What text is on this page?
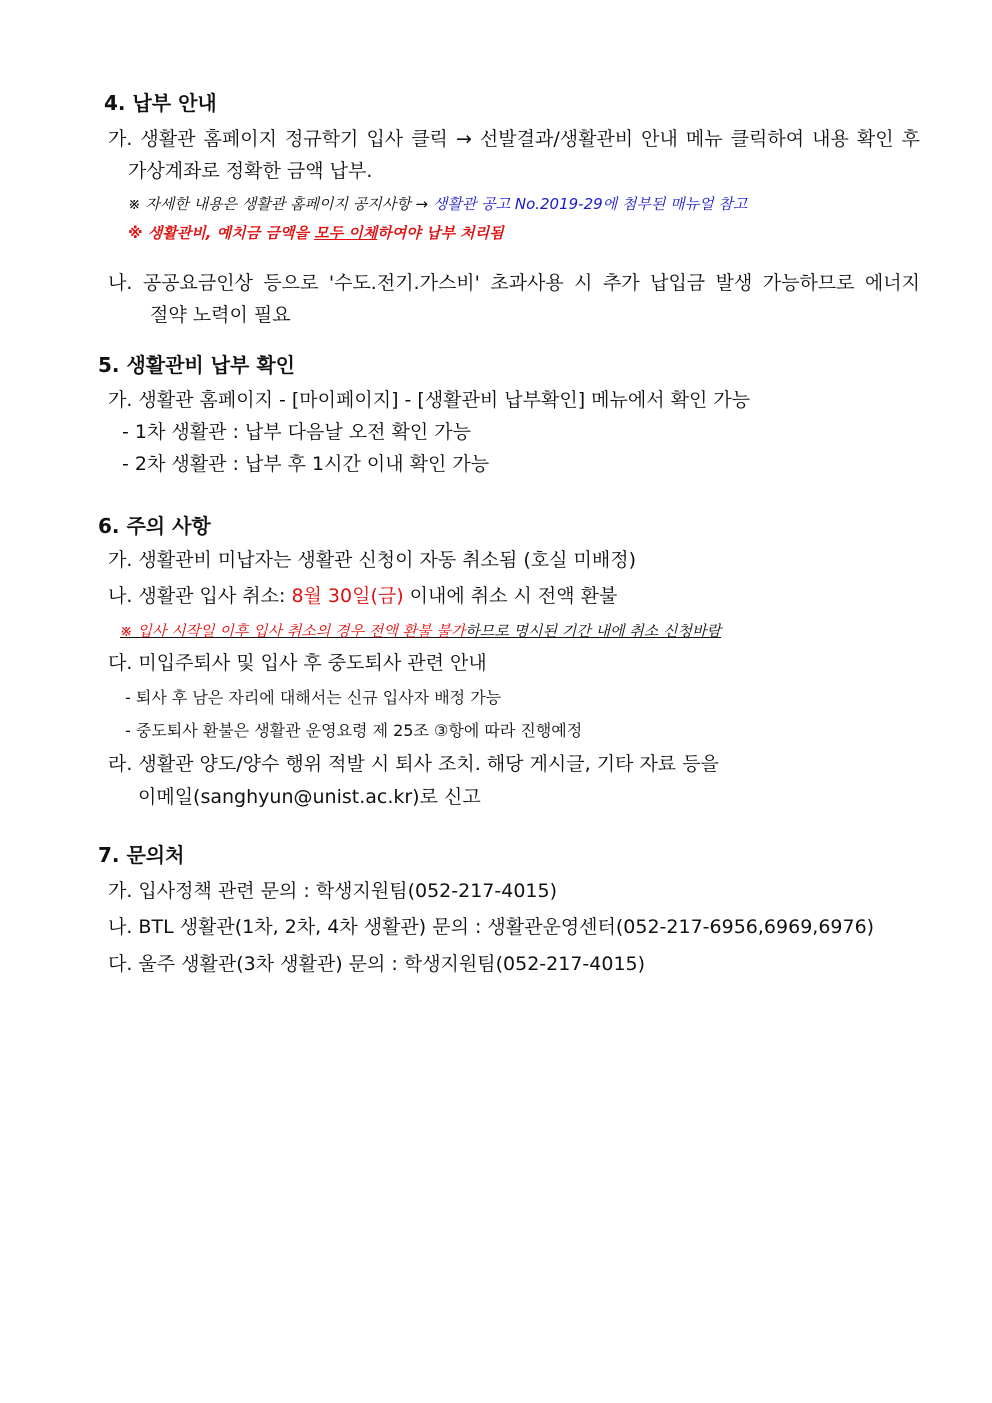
4. 납부 안내
가. 생활관 홈페이지 정규학기 입사 클릭 → 선발결과/생활관비 안내 메뉴 클릭하여 내용 확인 후
가상계좌로 정확한 금액 납부.
※ 자세한 내용은 생활관 홈페이지 공지사항 → 생활관 공고 No.2019-29에 첨부된 매뉴얼 참고
※ 생활관비, 예치금 금액을 모두 이체하여야 납부 처리됨
나. 공공요금인상 등으로 '수도.전기.가스비' 초과사용 시 추가 납입금 발생 가능하므로 에너지
절약 노력이 필요
5. 생활관비 납부 확인
가. 생활관 홈페이지 - [마이페이지] - [생활관비 납부확인] 메뉴에서 확인 가능
- 1차 생활관 : 납부 다음날 오전 확인 가능
- 2차 생활관 : 납부 후 1시간 이내 확인 가능
6. 주의 사항
가. 생활관비 미납자는 생활관 신청이 자동 취소됨 (호실 미배정)
나. 생활관 입사 취소: 8월 30일(금) 이내에 취소 시 전액 환불
※ 입사 시작일 이후 입사 취소의 경우 전액 환불 불가하므로 명시된 기간 내에 취소 신청바람
다. 미입주퇴사 및 입사 후 중도퇴사 관련 안내
- 퇴사 후 남은 자리에 대해서는 신규 입사자 배정 가능
- 중도퇴사 환불은 생활관 운영요령 제 25조 ③항에 따라 진행예정
라. 생활관 양도/양수 행위 적발 시 퇴사 조치. 해당 게시글, 기타 자료 등을
이메일(sanghyun@unist.ac.kr)로 신고
7. 문의처
가. 입사정책 관련 문의 : 학생지원팀(052-217-4015)
나. BTL 생활관(1차, 2차, 4차 생활관) 문의 : 생활관운영센터(052-217-6956,6969,6976)
다. 울주 생활관(3차 생활관) 문의 : 학생지원팀(052-217-4015)
